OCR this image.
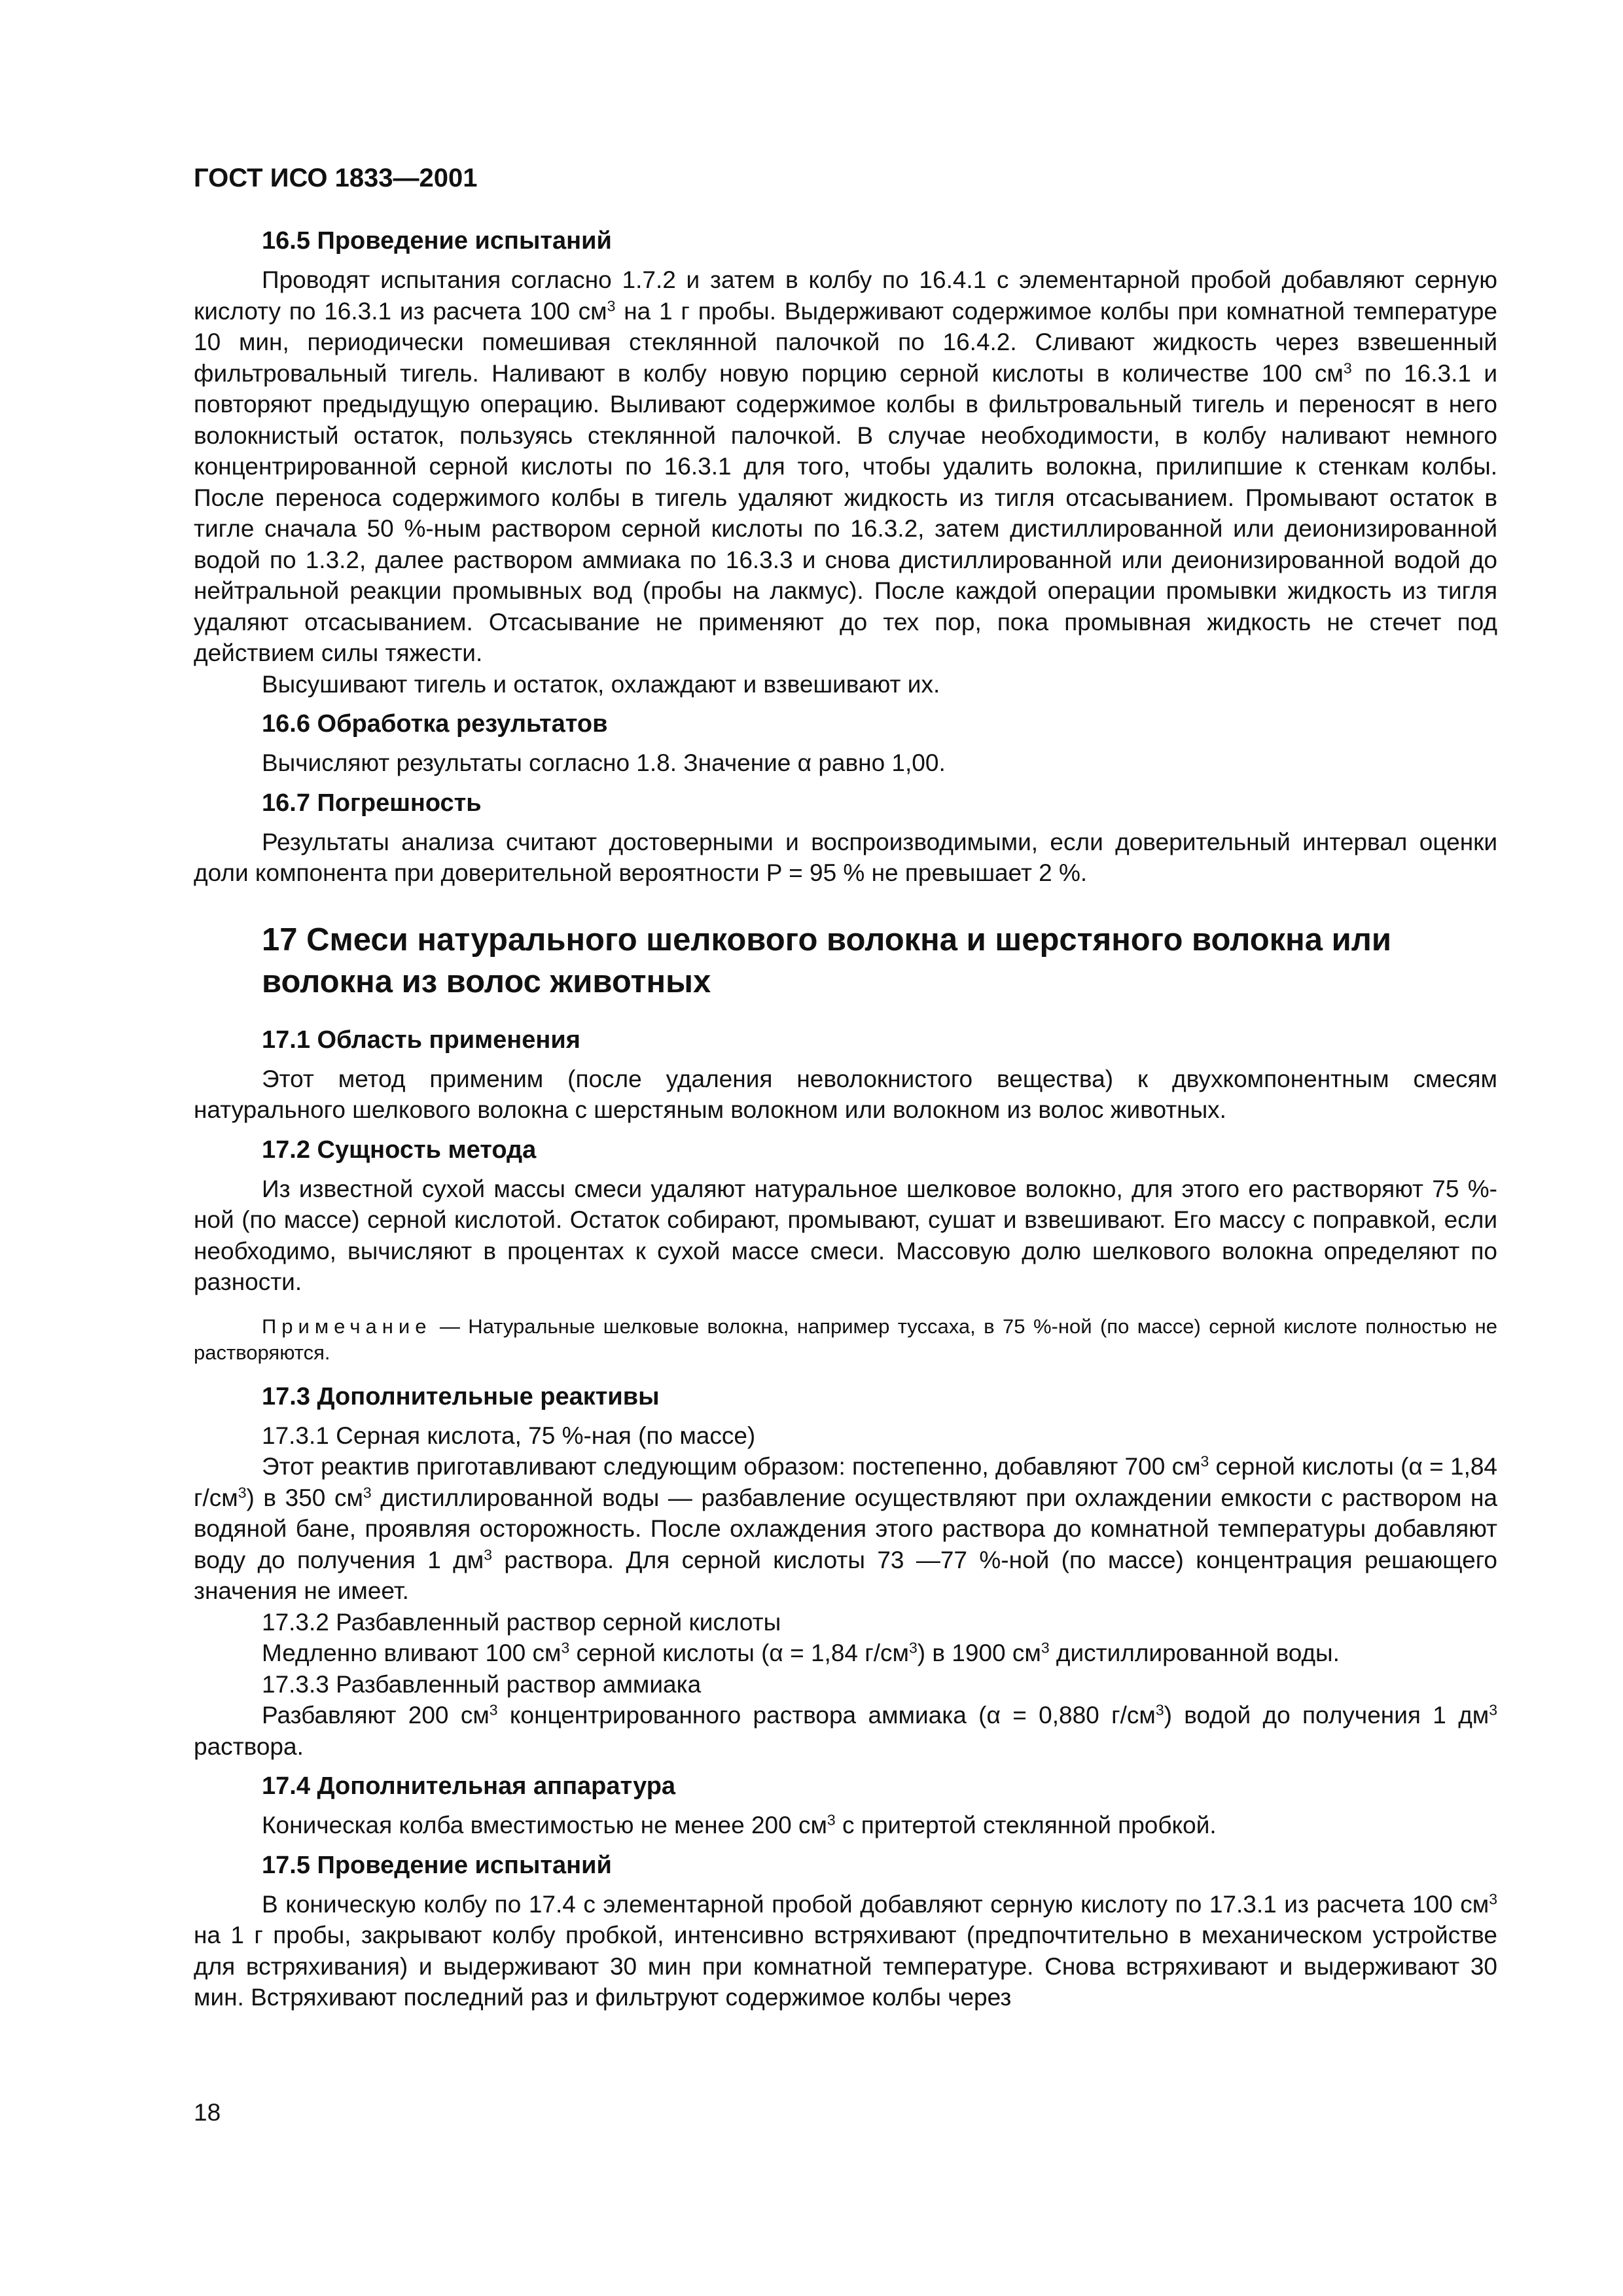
ГОСТ ИСО 1833—2001
16.5 Проведение испытаний

Проводят испытания согласно 1.7.2 и затем в колбу по 16.4.1 с элементарной пробой добавляют серную кислоту по 16.3.1 из расчета 100 $см^3$ на 1 г пробы. Выдерживают содержимое колбы при комнатной температуре 10 мин, периодически помешивая стеклянной палочкой по 16.4.2. Сливают жидкость через взвешенный фильтровальный тигель. Наливают в колбу новую порцию серной кислоты в количестве 100 $см^3$ по 16.3.1 и повторяют предыдущую операцию. Выливают содержимое колбы в фильтровальный тигель и переносят в него волокнистый остаток, пользуясь стеклянной палочкой. В случае необходимости, в колбу наливают немного концентрированной серной кислоты по 16.3.1 для того, чтобы удалить волокна, прилипшие к стенкам колбы. После переноса содержимого колбы в тигель удаляют жидкость из тигля отсасыванием. Промывают остаток в тигле сначала 50 %-ным раствором серной кислоты по 16.3.2, затем дистиллированной или деионизированной водой по 1.3.2, далее раствором аммиака по 16.3.3 и снова дистиллированной или деионизированной водой до нейтральной реакции промывных вод (пробы на лакмус). После каждой операции промывки жидкость из тигля удаляют отсасыванием. Отсасывание не применяют до тех пор, пока промывная жидкость не стечет под действием силы тяжести.

Высушивают тигель и остаток, охлаждают и взвешивают их.

16.6 Обработка результатов

Вычисляют результаты согласно 1.8. Значение α равно 1,00.

16.7 Погрешность

Результаты анализа считают достоверными и воспроизводимыми, если доверительный интервал оценки доли компонента при доверительной вероятности P = 95 % не превышает 2 %.

17 Смеси натурального шелкового волокна и шерстяного волокна или
волокна из волос животных
17.1 Область применения

Этот метод применим (после удаления неволокнистого вещества) к двухкомпонентным смесям натурального шелкового волокна с шерстяным волокном или волокном из волос животных.

17.2 Сущность метода

Из известной сухой массы смеси удаляют натуральное шелковое волокно, для этого его растворяют 75 %-ной (по массе) серной кислотой. Остаток собирают, промывают, сушат и взвешивают. Его массу с поправкой, если необходимо, вычисляют в процентах к сухой массе смеси. Массовую долю шелкового волокна определяют по разности.

Примечание — Натуральные шелковые волокна, например туссаха, в 75 %-ной (по массе) серной кислоте полностью не растворяются.

17.3 Дополнительные реактивы

17.3.1 Серная кислота, 75 %-ная (по массе)

Этот реактив приготавливают следующим образом: постепенно, добавляют 700 $см^3$ серной кислоты (α = 1,84 $г/см^3$) в 350 $см^3$ дистиллированной воды — разбавление осуществляют при охлаждении емкости с раствором на водяной бане, проявляя осторожность. После охлаждения этого раствора до комнатной температуры добавляют воду до получения 1 $дм^3$ раствора. Для серной кислоты 73 —77 %-ной (по массе) концентрация решающего значения не имеет.

17.3.2 Разбавленный раствор серной кислоты

Медленно вливают 100 $см^3$ серной кислоты (α = 1,84 $г/см^3$) в 1900 $см^3$ дистиллированной воды.

17.3.3 Разбавленный раствор аммиака

Разбавляют 200 $см^3$ концентрированного раствора аммиака (α = 0,880 $г/см^3$) водой до получения 1 $дм^3$ раствора.

17.4 Дополнительная аппаратура

Коническая колба вместимостью не менее 200 $см^3$ с притертой стеклянной пробкой.

17.5 Проведение испытаний

В коническую колбу по 17.4 с элементарной пробой добавляют серную кислоту по 17.3.1 из расчета 100 $см^3$ на 1 г пробы, закрывают колбу пробкой, интенсивно встряхивают (предпочтительно в механическом устройстве для встряхивания) и выдерживают 30 мин при комнатной температуре. Снова встряхивают и выдерживают 30 мин. Встряхивают последний раз и фильтруют содержимое колбы через

18
